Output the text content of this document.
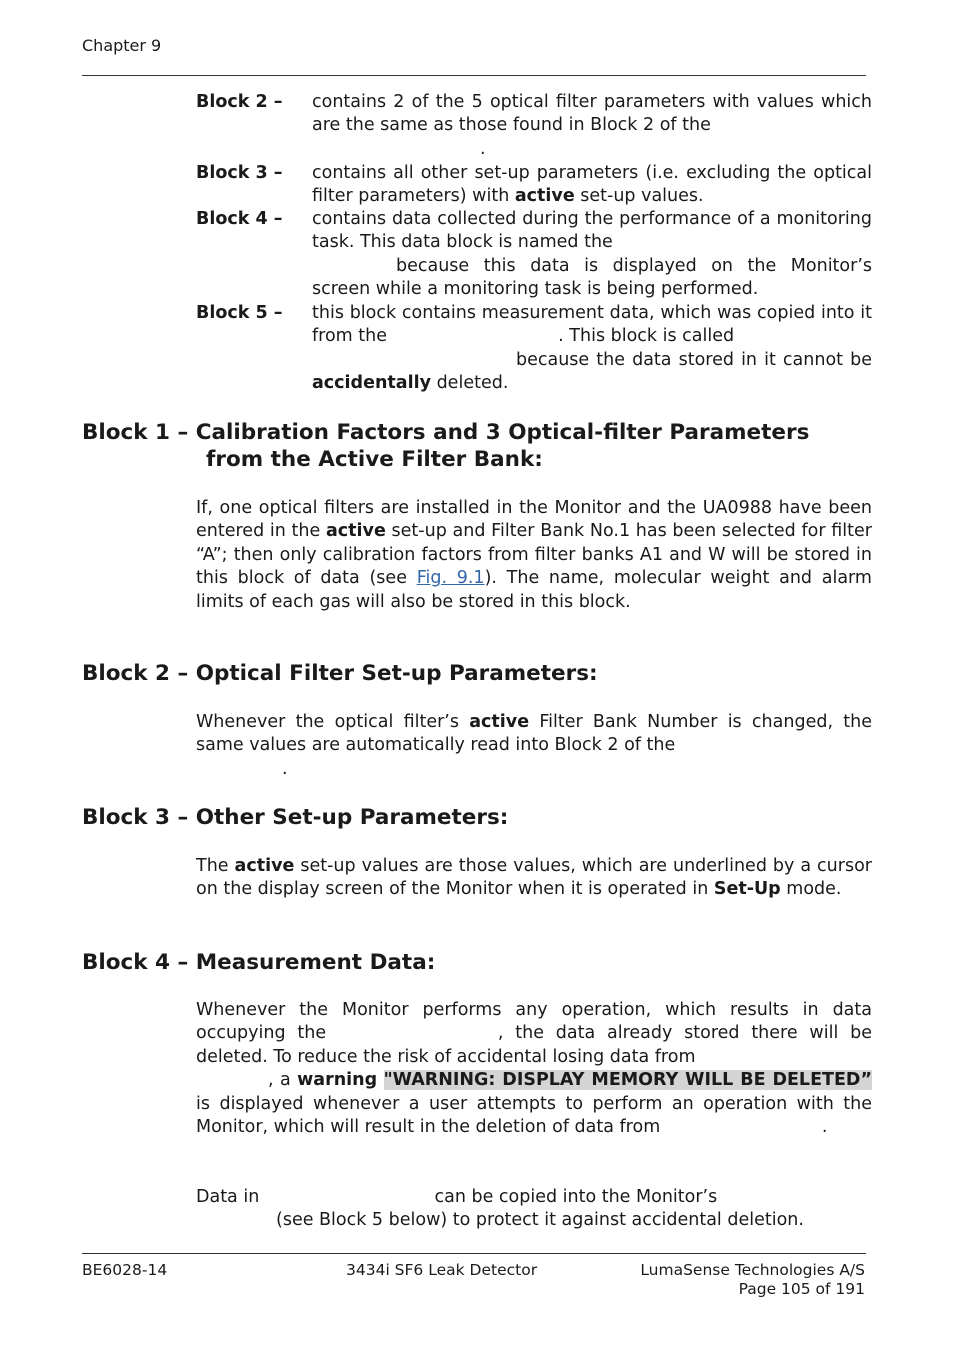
Chapter 9
Block 2 – contains 2 of the 5 optical filter parameters with values which are the same as those found in Block 2 of the
.
Block 3 – contains all other set-up parameters (i.e. excluding the optical filter parameters) with active set-up values.
Block 4 – contains data collected during the performance of a monitoring task. This data block is named the
because this data is displayed on the Monitor’s screen while a monitoring task is being performed.
Block 5 – this block contains measurement data, which was copied into it from the	. This block is called
because the data stored in it cannot be accidentally deleted.
Block 1 – Calibration Factors and 3 Optical-filter Parameters
from the Active Filter Bank:
If, one optical filters are installed in the Monitor and the UA0988 have been entered in the active set-up and Filter Bank No.1 has been selected for filter “A”; then only calibration factors from filter banks A1 and W will be stored in this block of data (see Fig. 9.1). The name, molecular weight and alarm limits of each gas will also be stored in this block.
Block 2 – Optical Filter Set-up Parameters:
Whenever the optical filter’s active Filter Bank Number is changed, the same values are automatically read into Block 2 of the
.
Block 3 – Other Set-up Parameters:
The active set-up values are those values, which are underlined by a cursor on the display screen of the Monitor when it is operated in Set-Up mode.
Block 4 – Measurement Data:
Whenever the Monitor performs any operation, which results in data occupying the	, the data already stored there will be deleted. To reduce the risk of accidental losing data from
, a warning "WARNING: DISPLAY MEMORY WILL BE DELETED” is displayed whenever a user attempts to perform an operation with the Monitor, which will result in the deletion of data from	.
Data in	can be copied into the Monitor’s
(see Block 5 below) to protect it against accidental deletion.
BE6028-14	3434i SF6 Leak Detector	LumaSense Technologies A/S
Page 105 of 191
